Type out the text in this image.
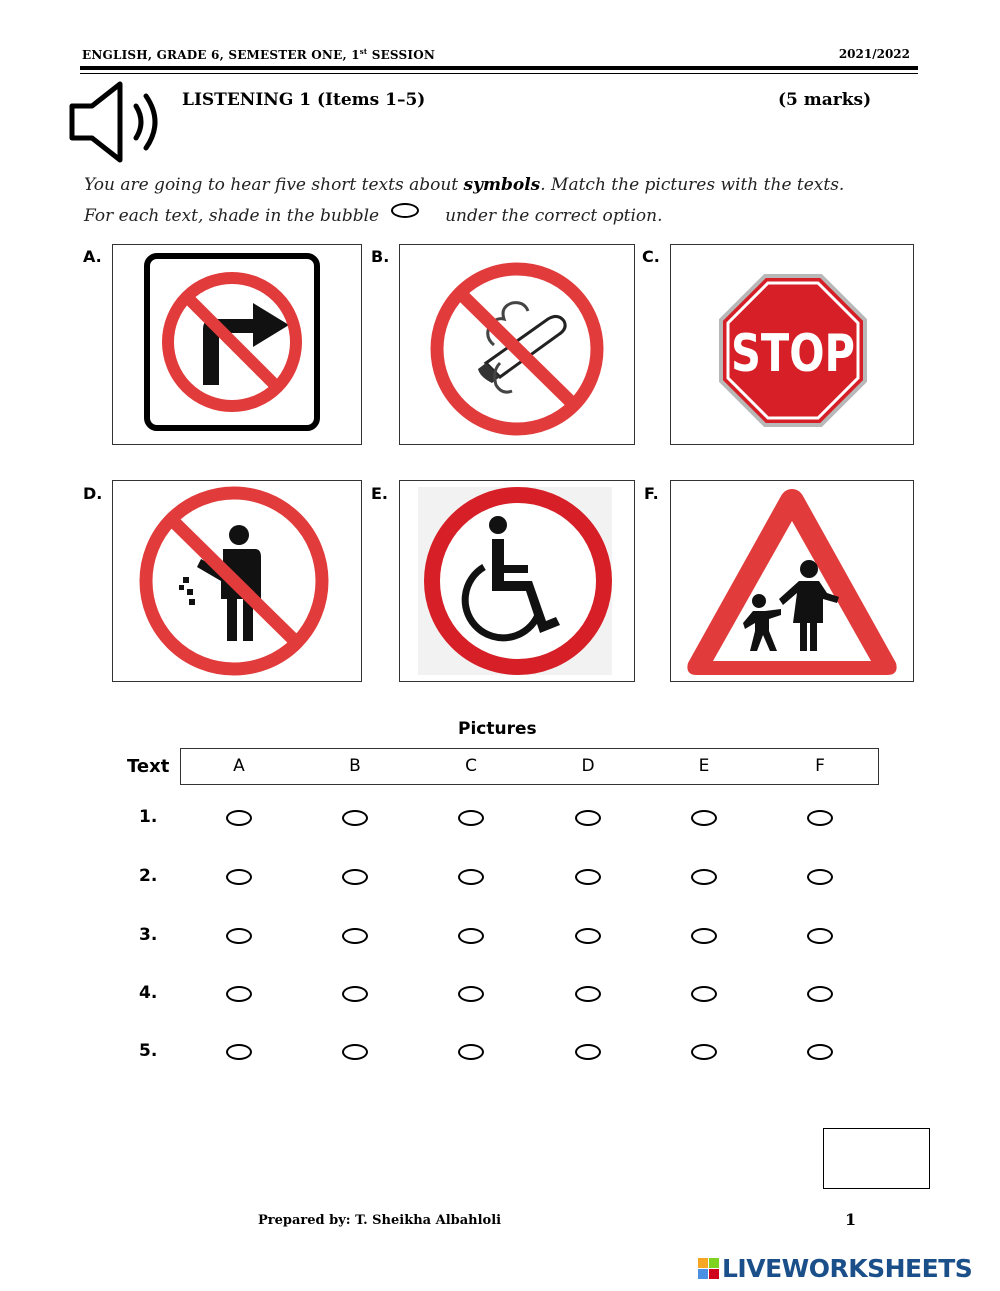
ENGLISH, GRADE 6, SEMESTER ONE, 1st SESSION	2021/2022
LISTENING 1 (Items 1–5)	(5 marks)
You are going to hear five short texts about symbols. Match the pictures with the texts.
For each text, shade in the bubble	under the correct option.
A.	B.	C.
D.	E.	F.
STOP
Pictures
Text	A	B	C	D	E	F
1.
2.
3.
4.
5.
Prepared by: T. Sheikha Albahloli	1
LIVEWORKSHEETS
